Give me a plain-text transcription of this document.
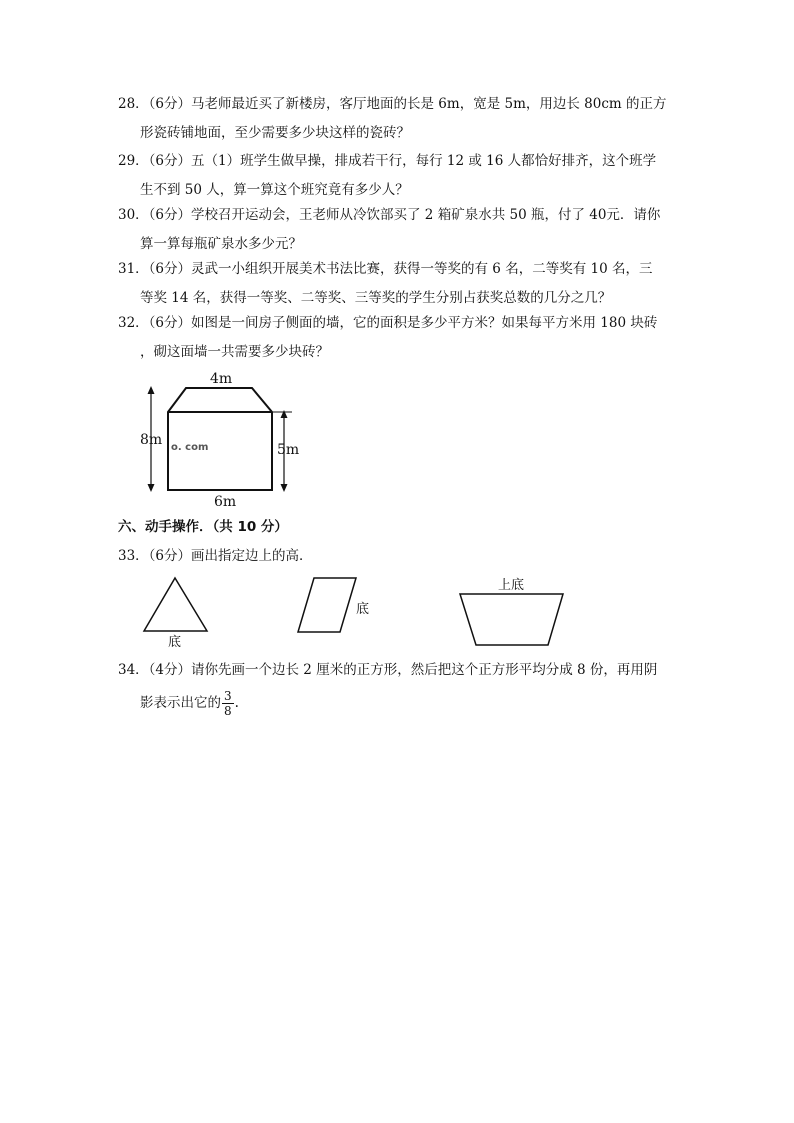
28．（6分）马老师最近买了新楼房，客厅地面的长是 6m，宽是 5m，用边长 80cm 的正方
形瓷砖铺地面，至少需要多少块这样的瓷砖？
29．（6分）五（1）班学生做早操，排成若干行，每行 12 或 16 人都恰好排齐，这个班学
生不到 50 人，算一算这个班究竟有多少人？
30．（6分）学校召开运动会，王老师从冷饮部买了 2 箱矿泉水共 50 瓶，付了 40元．请你
算一算每瓶矿泉水多少元？
31．（6分）灵武一小组织开展美术书法比赛，获得一等奖的有 6 名，二等奖有 10 名，三
等奖 14 名，获得一等奖、二等奖、三等奖的学生分别占获奖总数的几分之几？
32．（6分）如图是一间房子侧面的墙，它的面积是多少平方米？如果每平方米用 180 块砖
，砌这面墙一共需要多少块砖？
4m
8m
5m
6m
o. com
六、动手操作．（共 10 分）
33．（6分）画出指定边上的高．
底
底
上底
34．（4分）请你先画一个边长 2 厘米的正方形，然后把这个正方形平均分成 8 份，再用阴
影表示出它的 $\frac{3}{8}$ .
